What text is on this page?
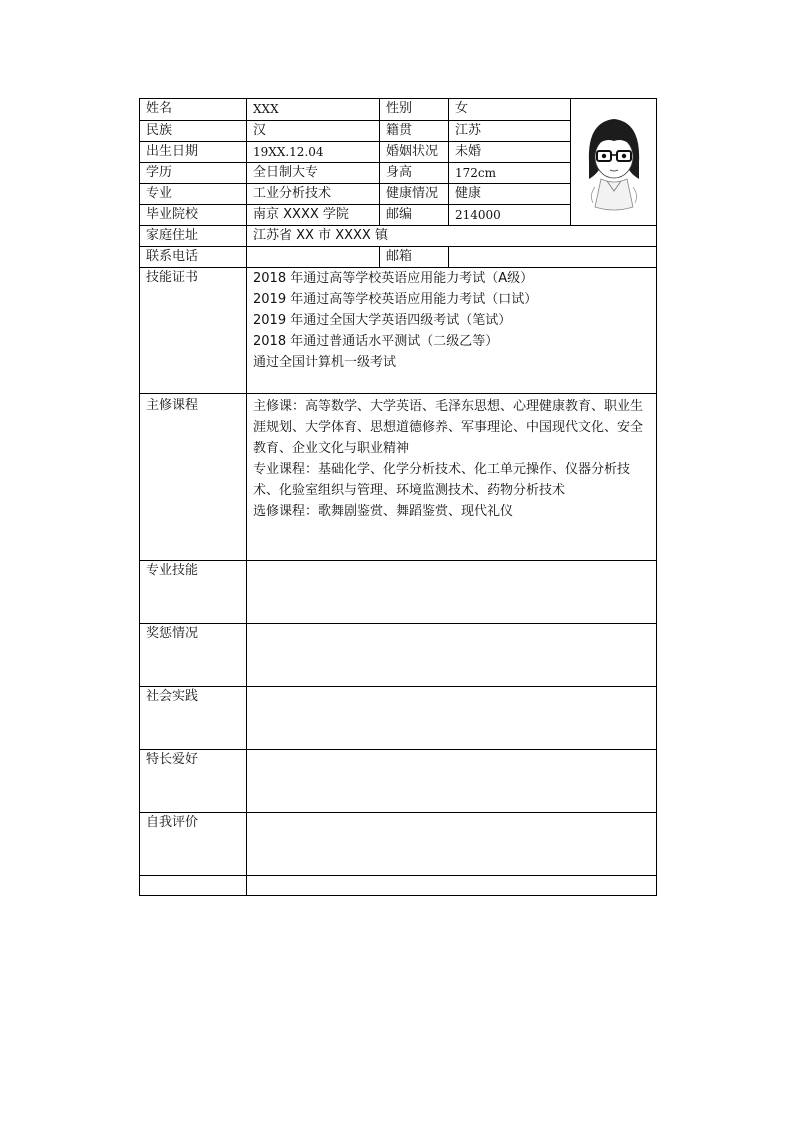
姓名	XXX	性别	女	

民族	汉	籍贯	江苏	
出生日期	19XX.12.04	婚姻状况	未婚	
学历	全日制大专	身高	172cm	
专业	工业分析技术	健康情况	健康	
毕业院校	南京 XXXX 学院	邮编	214000	
家庭住址	江苏省 XX 市 XXXX 镇			
联系电话		邮箱		
技能证书	2018 年通过高等学校英语应用能力考试（A级）
2019 年通过高等学校英语应用能力考试（口试）
2019 年通过全国大学英语四级考试（笔试）
2018 年通过普通话水平测试（二级乙等）
通过全国计算机一级考试			

主修课程	主修课：高等数学、大学英语、毛泽东思想、心理健康教育、职业生涯规划、大学体育、思想道德修养、军事理论、中国现代文化、安全教育、企业文化与职业精神
专业课程：基础化学、化学分析技术、化工单元操作、仪器分析技术、化验室组织与管理、环境监测技术、药物分析技术
选修课程：歌舞剧鉴赏、舞蹈鉴赏、现代礼仪			

专业技能				
奖惩情况				
社会实践				
特长爱好				
自我评价				
